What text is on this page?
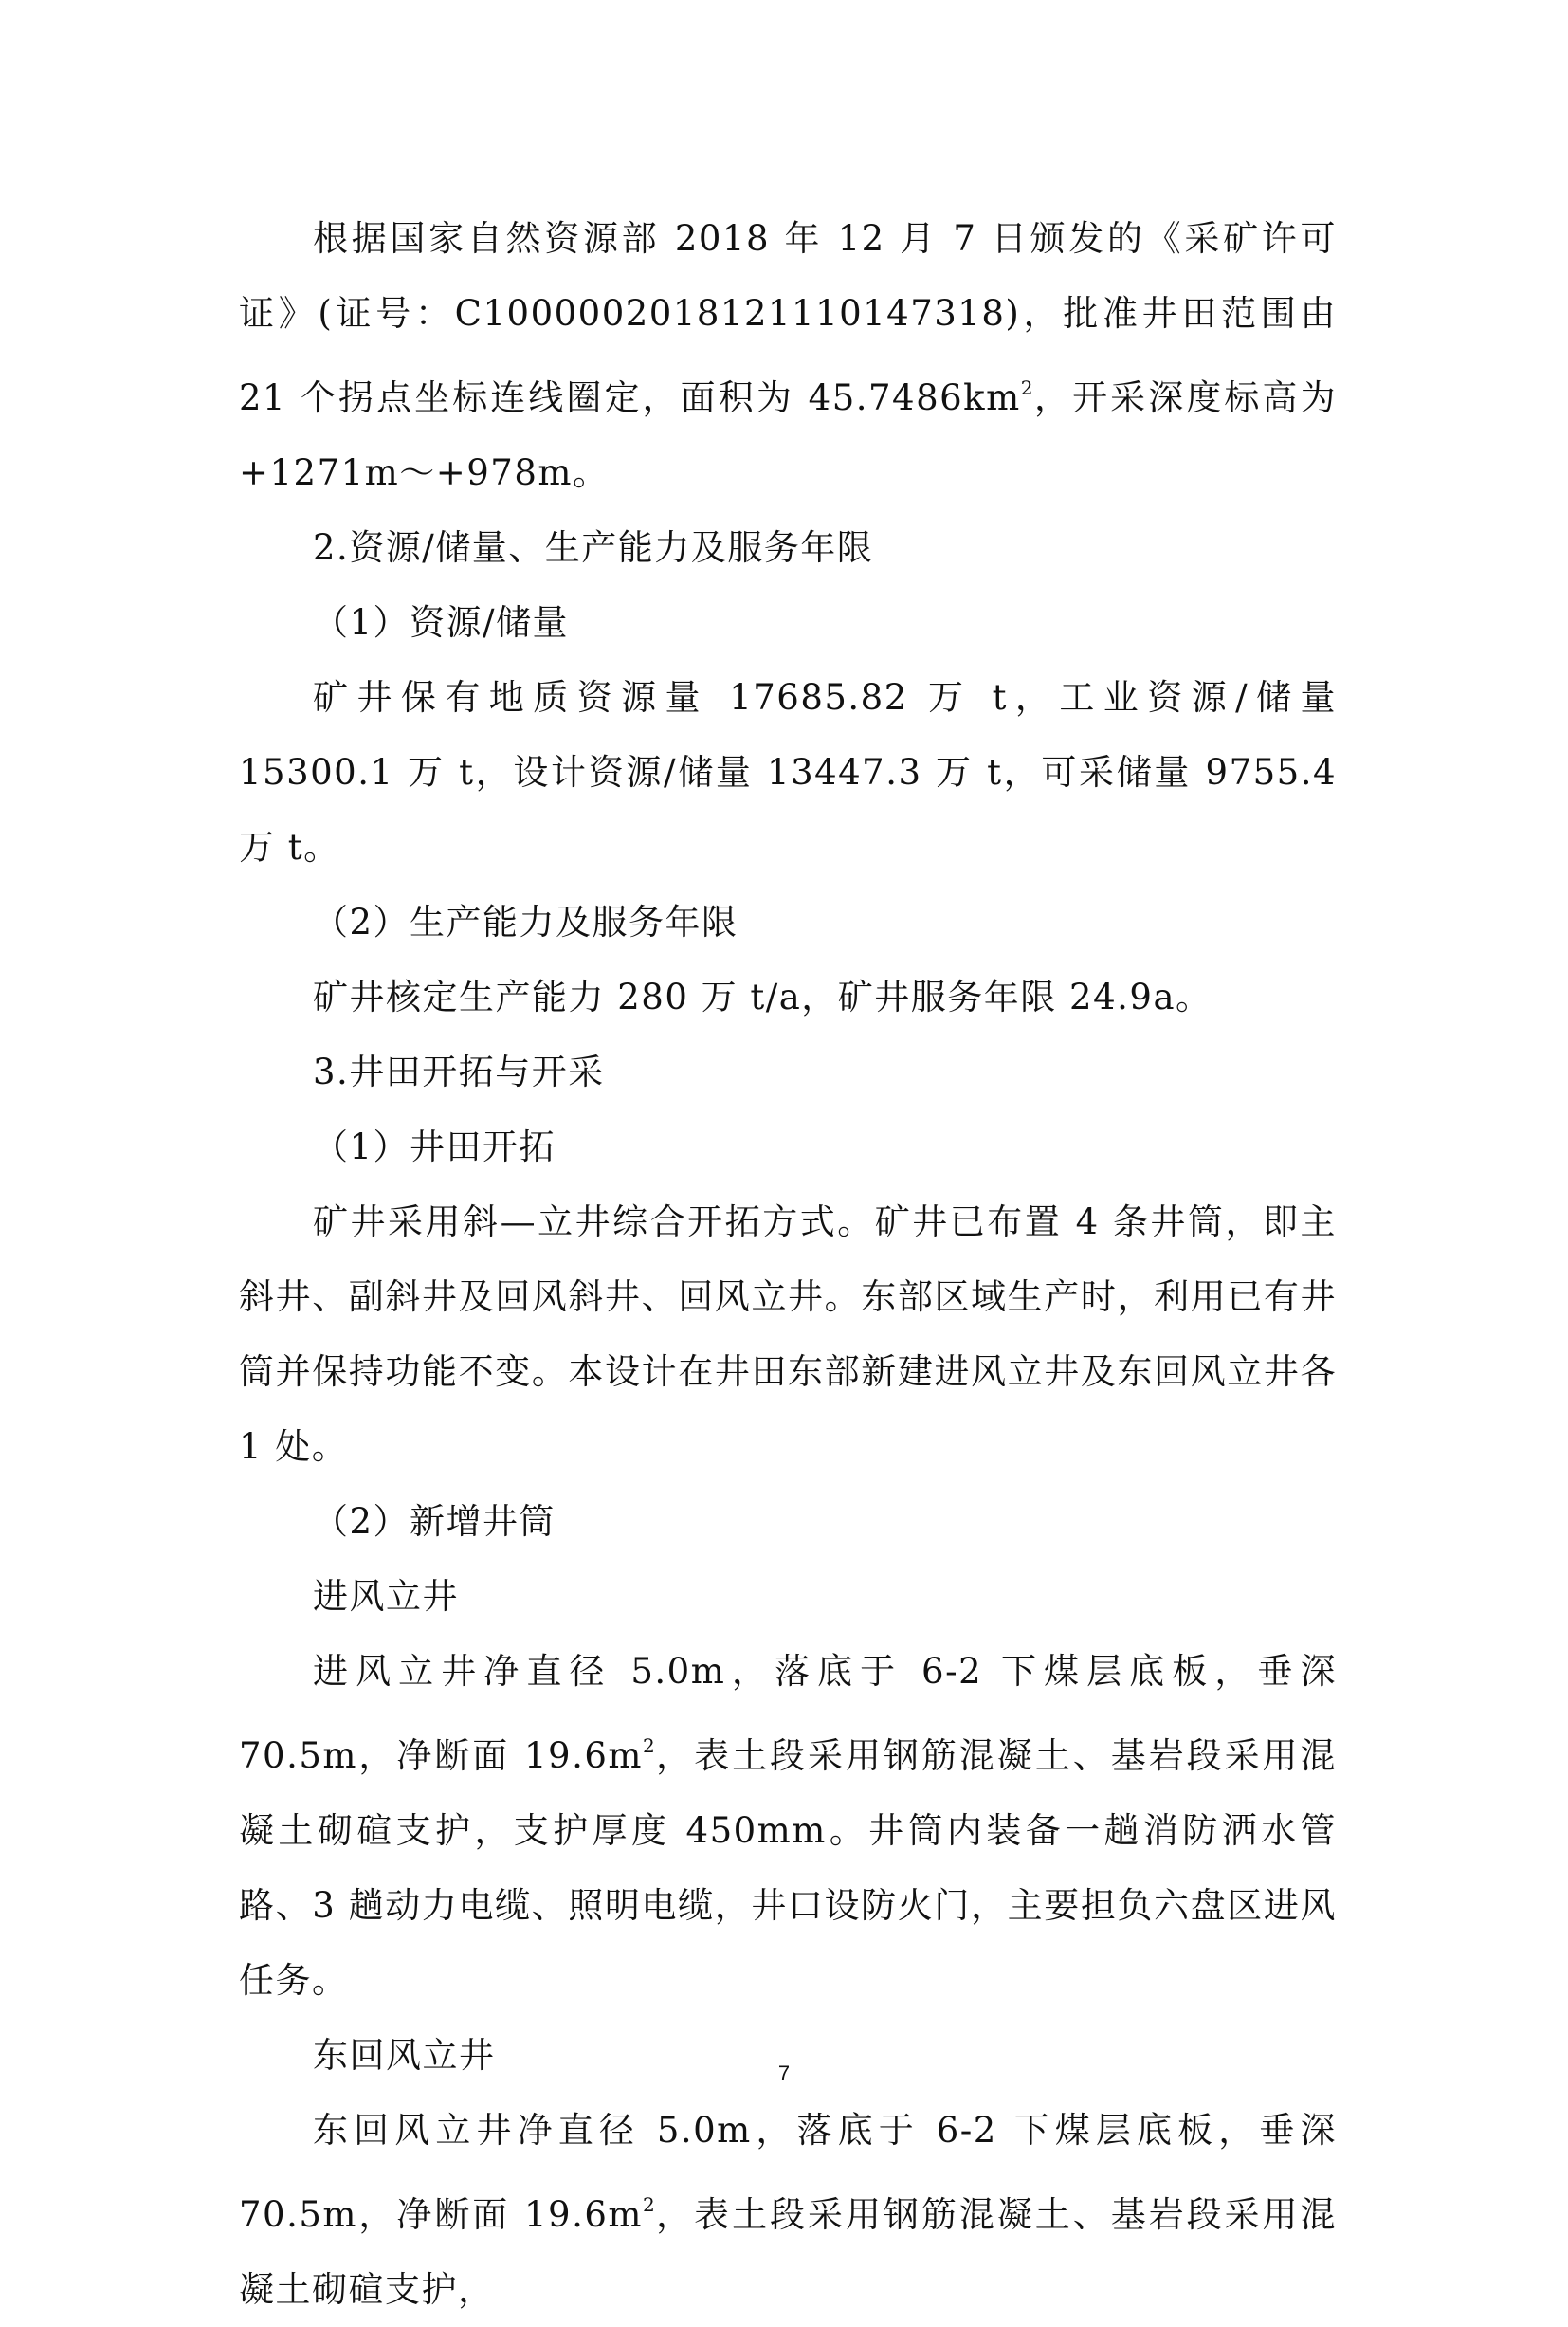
根据国家自然资源部 2018 年 12 月 7 日颁发的《采矿许可证》(证号：C1000002018121110147318)，批准井田范围由 21 个拐点坐标连线圈定，面积为 $45.7486km^2$，开采深度标高为+1271m～+978m。

2.资源/储量、生产能力及服务年限

（1）资源/储量

矿井保有地质资源量 17685.82 万 t，工业资源/储量 15300.1 万 t，设计资源/储量 13447.3 万 t，可采储量 9755.4 万 t。

（2）生产能力及服务年限

矿井核定生产能力 280 万 t/a，矿井服务年限 24.9a。

3.井田开拓与开采

（1）井田开拓

矿井采用斜—立井综合开拓方式。矿井已布置 4 条井筒，即主斜井、副斜井及回风斜井、回风立井。东部区域生产时，利用已有井筒并保持功能不变。本设计在井田东部新建进风立井及东回风立井各 1 处。

（2）新增井筒

进风立井

进风立井净直径 5.0m，落底于 6-2 下煤层底板，垂深 70.5m，净断面 $19.6m^2$，表土段采用钢筋混凝土、基岩段采用混凝土砌碹支护，支护厚度 450mm。井筒内装备一趟消防洒水管路、3 趟动力电缆、照明电缆，井口设防火门，主要担负六盘区进风任务。

东回风立井

东回风立井净直径 5.0m，落底于 6-2 下煤层底板，垂深 70.5m，净断面 $19.6m^2$，表土段采用钢筋混凝土、基岩段采用混凝土砌碹支护，

7
